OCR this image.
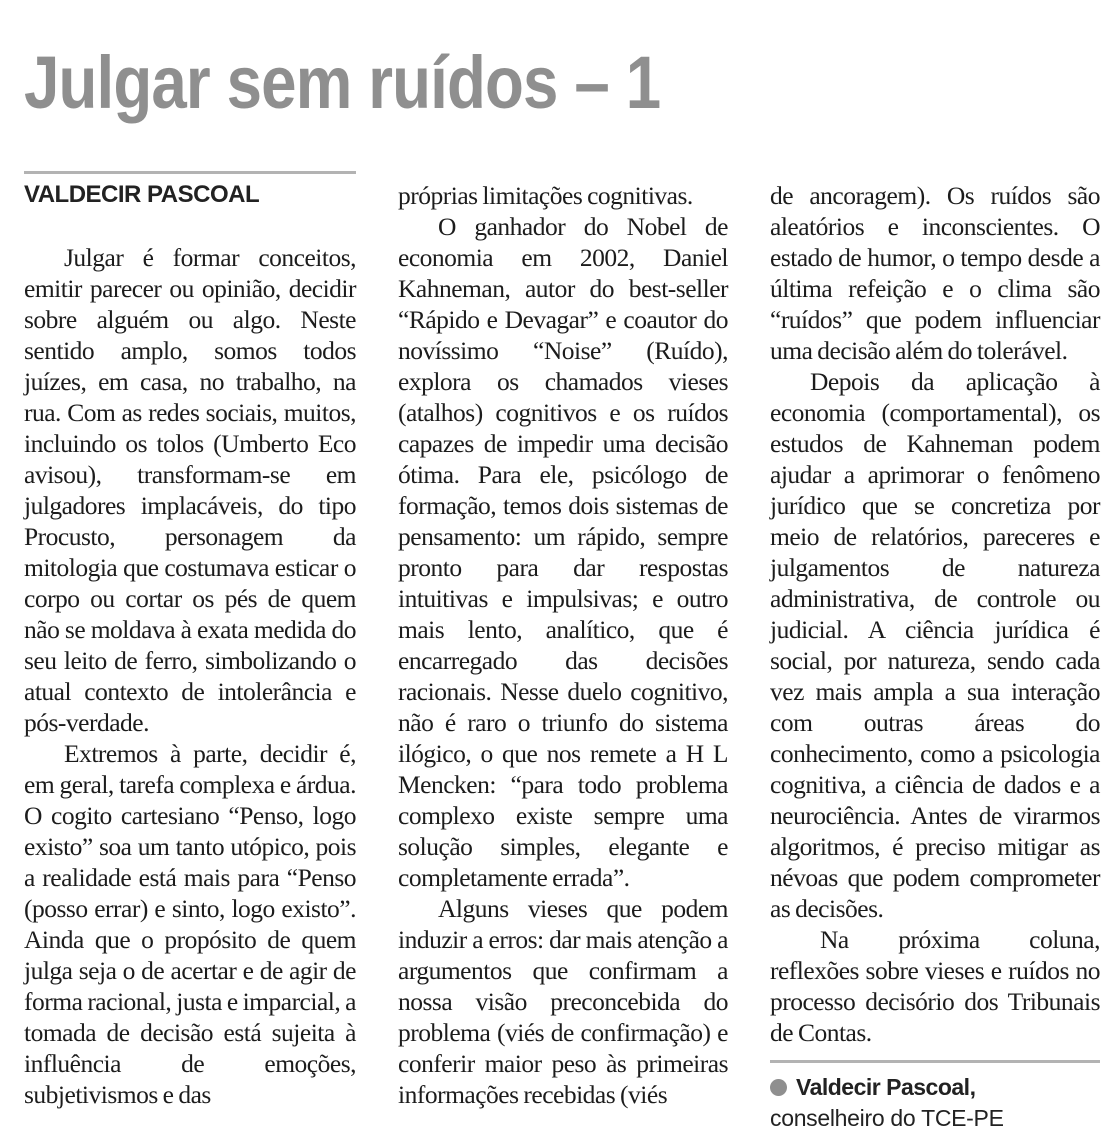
Julgar sem ruídos – 1
VALDECIR PASCOAL

Julgar é formar conceitos, emitir parecer ou opinião, decidir sobre alguém ou algo. Neste sentido amplo, somos todos juízes, em casa, no trabalho, na rua. Com as redes sociais, muitos, incluindo os tolos (Umberto Eco avisou), transformam-se em julgadores implacáveis, do tipo Procusto, personagem da mitologia que costumava esticar o corpo ou cortar os pés de quem não se moldava à exata medida do seu leito de ferro, simbolizando o atual contexto de intolerância e pós-verdade.

Extremos à parte, decidir é, em geral, tarefa complexa e árdua. O cogito cartesiano “Penso, logo existo” soa um tanto utópico, pois a realidade está mais para “Penso (posso errar) e sinto, logo existo”. Ainda que o propósito de quem julga seja o de acertar e de agir de forma racional, justa e imparcial, a tomada de decisão está sujeita à influência de emoções, subjetivismos e das

próprias limitações cognitivas.

O ganhador do Nobel de economia em 2002, Daniel Kahneman, autor do best-seller “Rápido e Devagar” e coautor do novíssimo “Noise” (Ruído), explora os chamados vieses (atalhos) cognitivos e os ruídos capazes de impedir uma decisão ótima. Para ele, psicólogo de formação, temos dois sistemas de pensamento: um rápido, sempre pronto para dar respostas intuitivas e impulsivas; e outro mais lento, analítico, que é encarregado das decisões racionais. Nesse duelo cognitivo, não é raro o triunfo do sistema ilógico, o que nos remete a H L Mencken: “para todo problema complexo existe sempre uma solução simples, elegante e completamente errada”.

Alguns vieses que podem induzir a erros: dar mais atenção a argumentos que confirmam a nossa visão preconcebida do problema (viés de confirmação) e conferir maior peso às primeiras informações recebidas (viés

de ancoragem). Os ruídos são aleatórios e inconscientes. O estado de humor, o tempo desde a última refeição e o clima são “ruídos” que podem influenciar uma decisão além do tolerável.

Depois da aplicação à economia (comportamental), os estudos de Kahneman podem ajudar a aprimorar o fenômeno jurídico que se concretiza por meio de relatórios, pareceres e julgamentos de natureza administrativa, de controle ou judicial. A ciência jurídica é social, por natureza, sendo cada vez mais ampla a sua interação com outras áreas do conhecimento, como a psicologia cognitiva, a ciência de dados e a neurociência. Antes de virarmos algoritmos, é preciso mitigar as névoas que podem comprometer as decisões.

Na próxima coluna, reflexões sobre vieses e ruídos no processo decisório dos Tribunais de Contas.

Valdecir Pascoal,
conselheiro do TCE-PE
